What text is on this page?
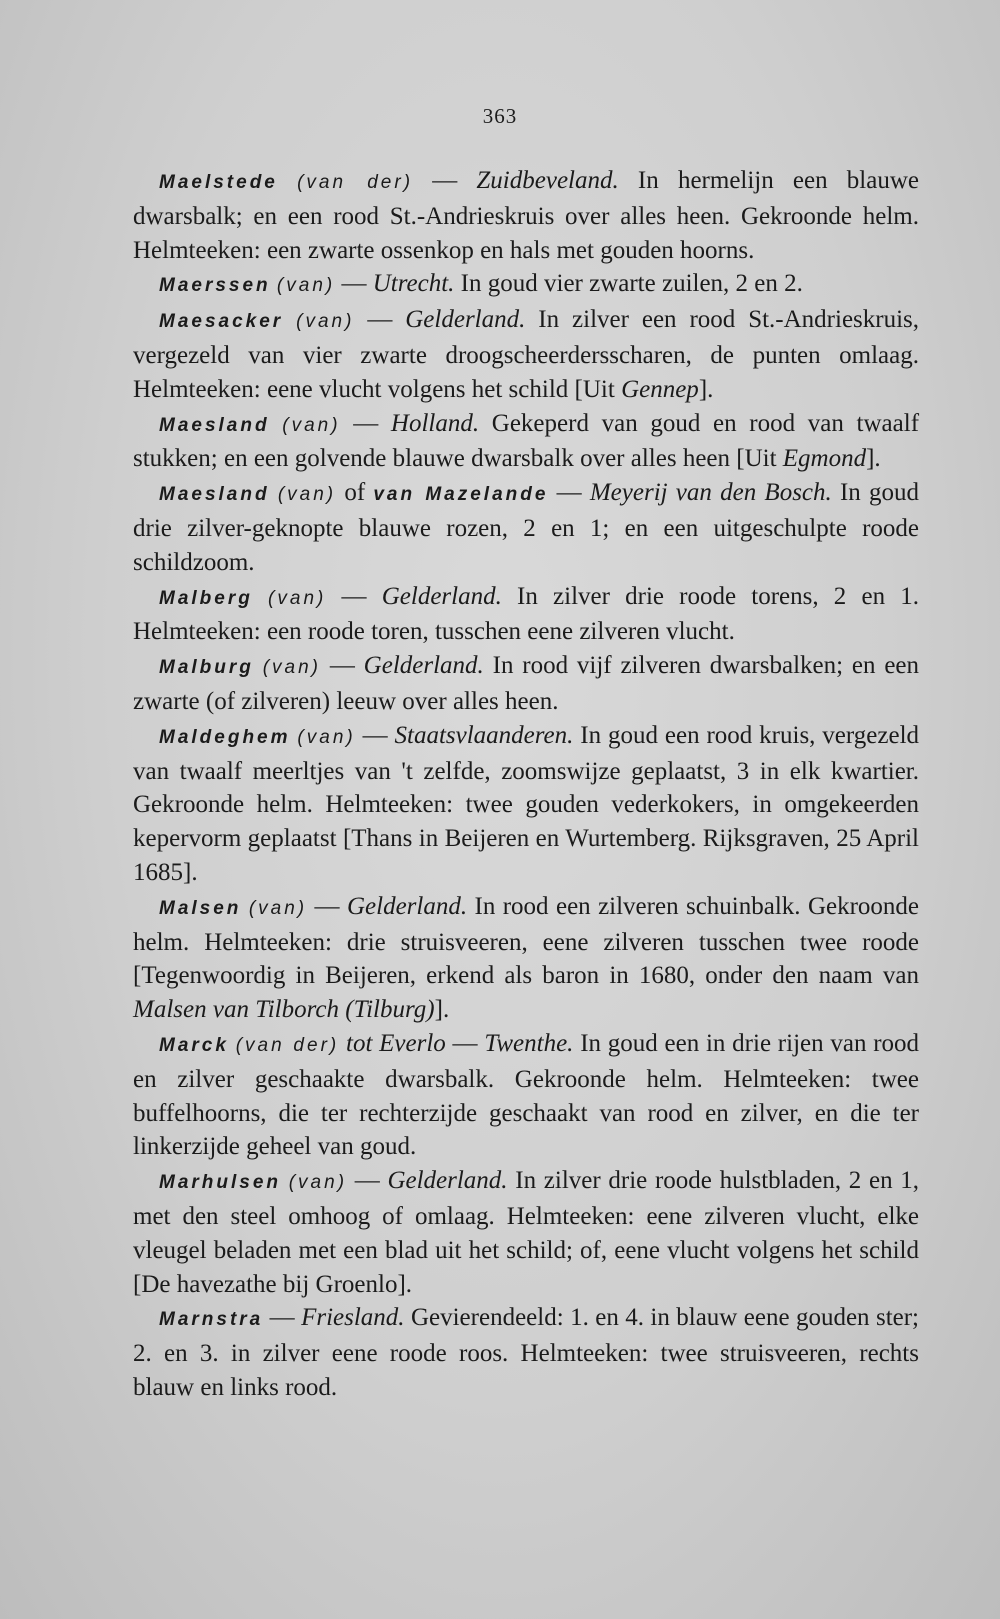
363

Maelstede (van der) — Zuidbeveland. In hermelijn een blauwe dwarsbalk; en een rood St.-Andrieskruis over alles heen. Gekroonde helm. Helmteeken: een zwarte ossenkop en hals met gouden hoorns.

Maerssen (van) — Utrecht. In goud vier zwarte zuilen, 2 en 2.

Maesacker (van) — Gelderland. In zilver een rood St.-Andrieskruis, vergezeld van vier zwarte droogscheerdersscharen, de punten omlaag. Helmteeken: eene vlucht volgens het schild [Uit Gennep].

Maesland (van) — Holland. Gekeperd van goud en rood van twaalf stukken; en een golvende blauwe dwarsbalk over alles heen [Uit Egmond].

Maesland (van) of van Mazelande — Meyerij van den Bosch. In goud drie zilver-geknopte blauwe rozen, 2 en 1; en een uitgeschulpte roode schildzoom.

Malberg (van) — Gelderland. In zilver drie roode torens, 2 en 1. Helmteeken: een roode toren, tusschen eene zilveren vlucht.

Malburg (van) — Gelderland. In rood vijf zilveren dwarsbalken; en een zwarte (of zilveren) leeuw over alles heen.

Maldeghem (van) — Staatsvlaanderen. In goud een rood kruis, vergezeld van twaalf meerltjes van 't zelfde, zoomswijze geplaatst, 3 in elk kwartier. Gekroonde helm. Helmteeken: twee gouden vederkokers, in omgekeerden kepervorm geplaatst [Thans in Beijeren en Wurtemberg. Rijksgraven, 25 April 1685].

Malsen (van) — Gelderland. In rood een zilveren schuinbalk. Gekroonde helm. Helmteeken: drie struisveeren, eene zilveren tusschen twee roode [Tegenwoordig in Beijeren, erkend als baron in 1680, onder den naam van Malsen van Tilborch (Tilburg)].

Marck (van der) tot Everlo — Twenthe. In goud een in drie rijen van rood en zilver geschaakte dwarsbalk. Gekroonde helm. Helmteeken: twee buffelhoorns, die ter rechterzijde geschaakt van rood en zilver, en die ter linkerzijde geheel van goud.

Marhulsen (van) — Gelderland. In zilver drie roode hulstbladen, 2 en 1, met den steel omhoog of omlaag. Helmteeken: eene zilveren vlucht, elke vleugel beladen met een blad uit het schild; of, eene vlucht volgens het schild [De havezathe bij Groenlo].

Marnstra — Friesland. Gevierendeeld: 1. en 4. in blauw eene gouden ster; 2. en 3. in zilver eene roode roos. Helmteeken: twee struisveeren, rechts blauw en links rood.
